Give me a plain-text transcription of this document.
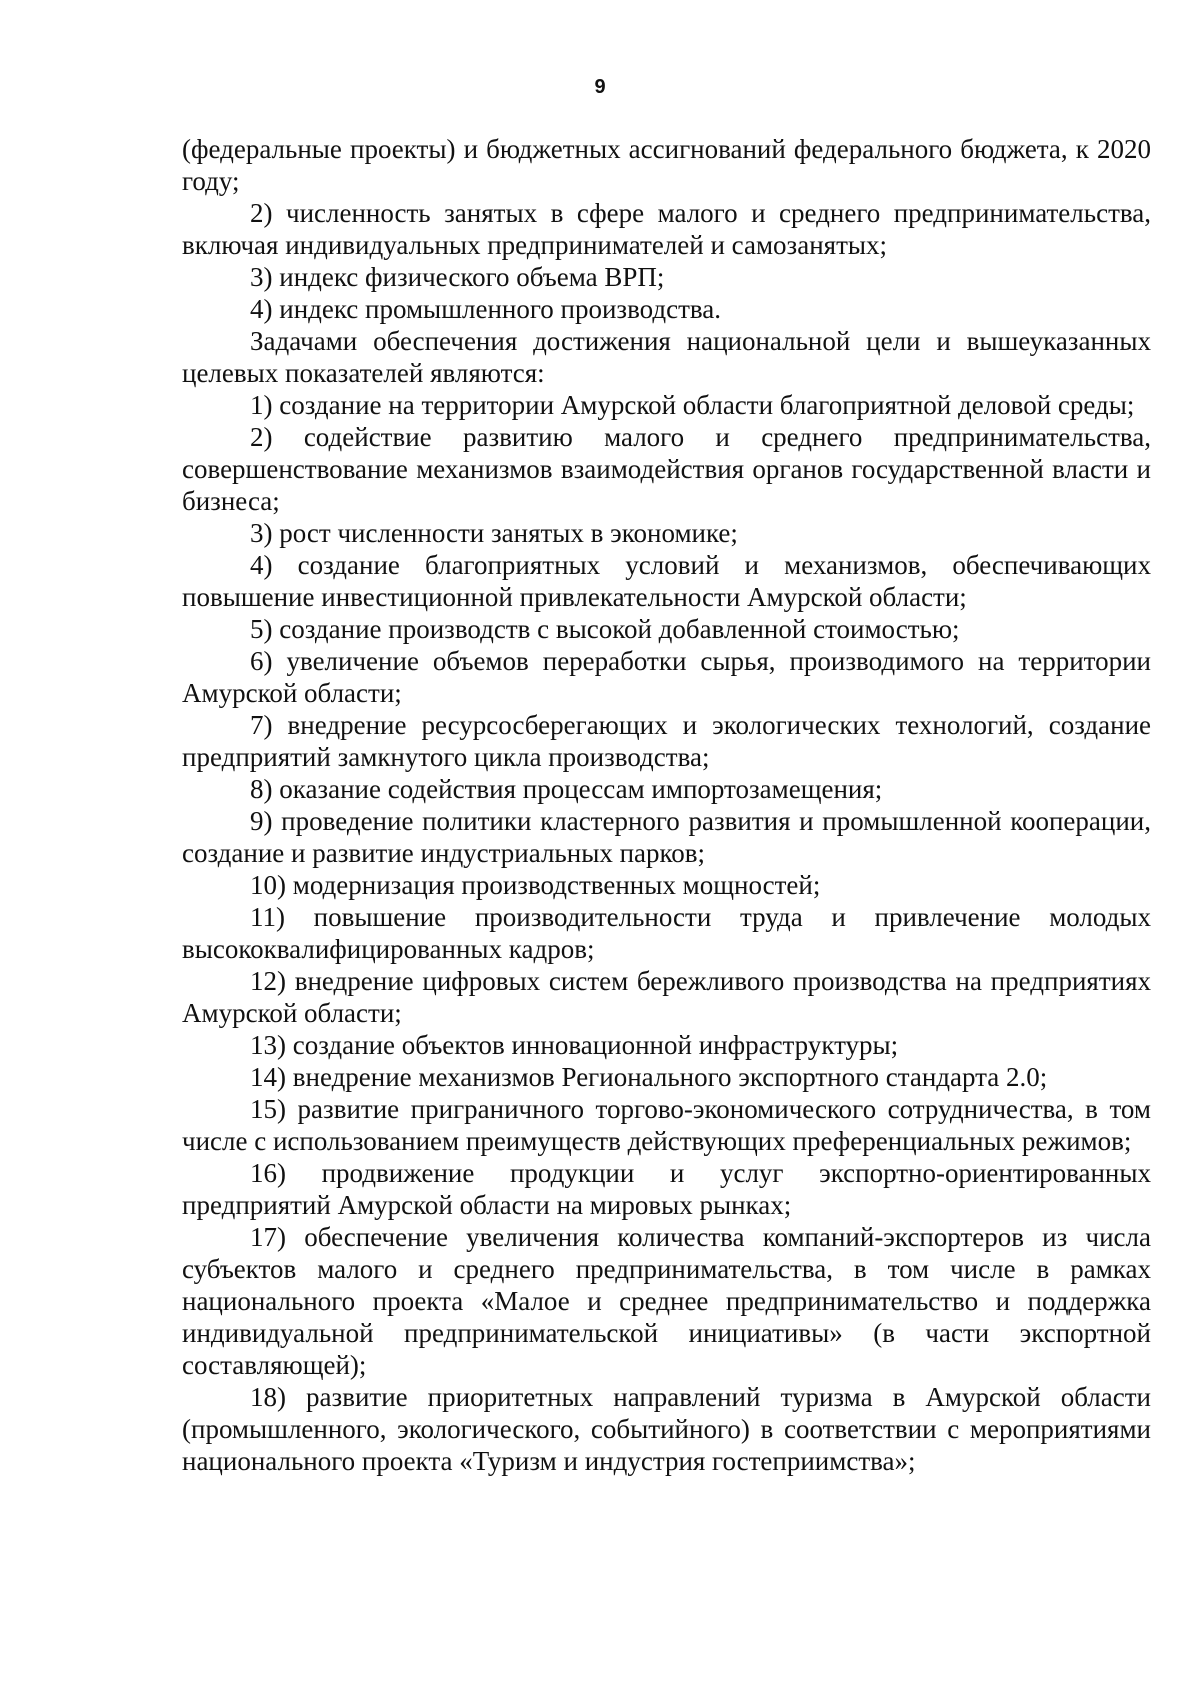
9

(федеральные проекты) и бюджетных ассигнований федерального бюджета, к 2020 году;

2) численность занятых в сфере малого и среднего предпринимательства, включая индивидуальных предпринимателей и самозанятых;

3) индекс физического объема ВРП;

4) индекс промышленного производства.

Задачами обеспечения достижения национальной цели и вышеуказанных целевых показателей являются:

1) создание на территории Амурской области благоприятной деловой среды;

2) содействие развитию малого и среднего предпринимательства, совершенствование механизмов взаимодействия органов государственной власти и бизнеса;

3) рост численности занятых в экономике;

4) создание благоприятных условий и механизмов, обеспечивающих повышение инвестиционной привлекательности Амурской области;

5) создание производств с высокой добавленной стоимостью;

6) увеличение объемов переработки сырья, производимого на территории Амурской области;

7) внедрение ресурсосберегающих и экологических технологий, создание предприятий замкнутого цикла производства;

8) оказание содействия процессам импортозамещения;

9) проведение политики кластерного развития и промышленной кооперации, создание и развитие индустриальных парков;

10) модернизация производственных мощностей;

11) повышение производительности труда и привлечение молодых высококвалифицированных кадров;

12) внедрение цифровых систем бережливого производства на предприятиях Амурской области;

13) создание объектов инновационной инфраструктуры;

14) внедрение механизмов Регионального экспортного стандарта 2.0;

15) развитие приграничного торгово-экономического сотрудничества, в том числе с использованием преимуществ действующих преференциальных режимов;

16) продвижение продукции и услуг экспортно-ориентированных предприятий Амурской области на мировых рынках;

17) обеспечение увеличения количества компаний-экспортеров из числа субъектов малого и среднего предпринимательства, в том числе в рамках национального проекта «Малое и среднее предпринимательство и поддержка индивидуальной предпринимательской инициативы» (в части экспортной составляющей);

18) развитие приоритетных направлений туризма в Амурской области (промышленного, экологического, событийного) в соответствии с мероприятиями национального проекта «Туризм и индустрия гостеприимства»;
